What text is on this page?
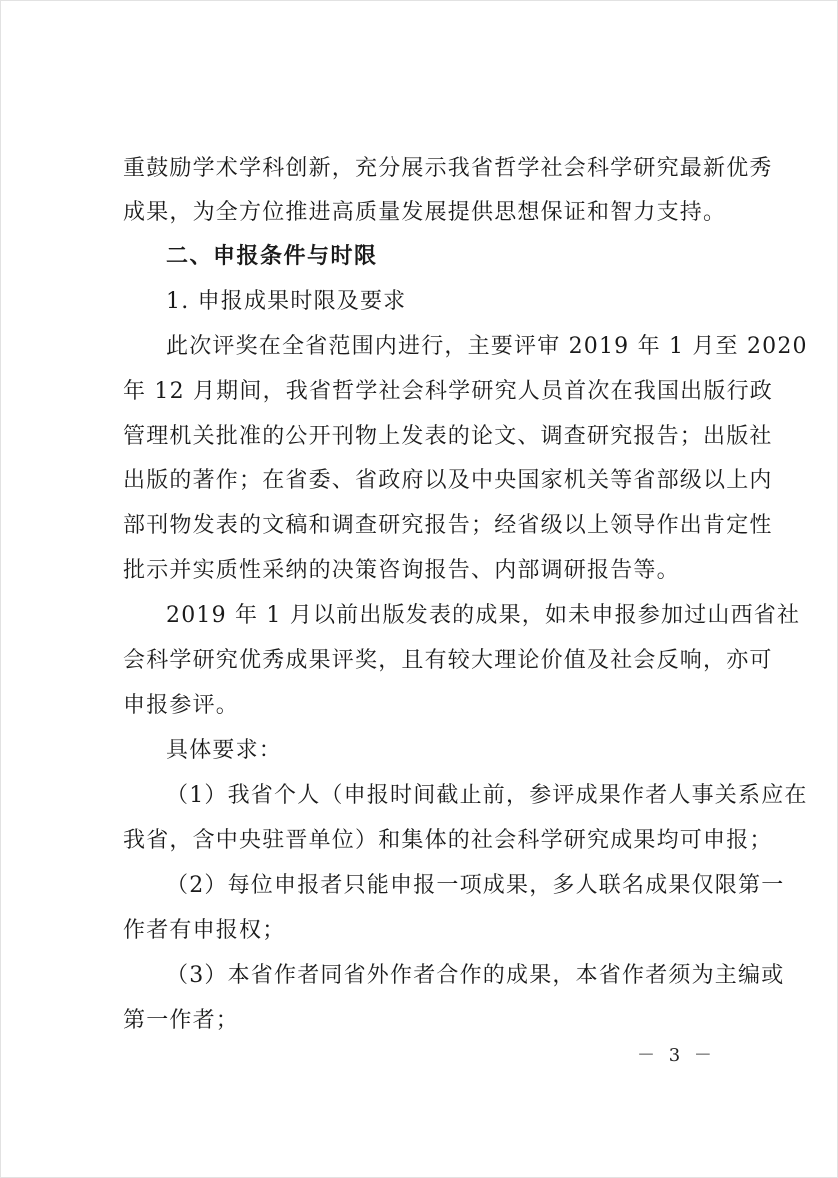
重鼓励学术学科创新，充分展示我省哲学社会科学研究最新优秀

成果，为全方位推进高质量发展提供思想保证和智力支持。

二、申报条件与时限

1. 申报成果时限及要求

此次评奖在全省范围内进行，主要评审 2019 年 1 月至 2020

年 12 月期间，我省哲学社会科学研究人员首次在我国出版行政

管理机关批准的公开刊物上发表的论文、调查研究报告；出版社

出版的著作；在省委、省政府以及中央国家机关等省部级以上内

部刊物发表的文稿和调查研究报告；经省级以上领导作出肯定性

批示并实质性采纳的决策咨询报告、内部调研报告等。

2019 年 1 月以前出版发表的成果，如未申报参加过山西省社

会科学研究优秀成果评奖，且有较大理论价值及社会反响，亦可

申报参评。

具体要求：

（1）我省个人（申报时间截止前，参评成果作者人事关系应在

我省，含中央驻晋单位）和集体的社会科学研究成果均可申报；

（2）每位申报者只能申报一项成果，多人联名成果仅限第一

作者有申报权；

（3）本省作者同省外作者合作的成果，本省作者须为主编或

第一作者；

－ 3 －
